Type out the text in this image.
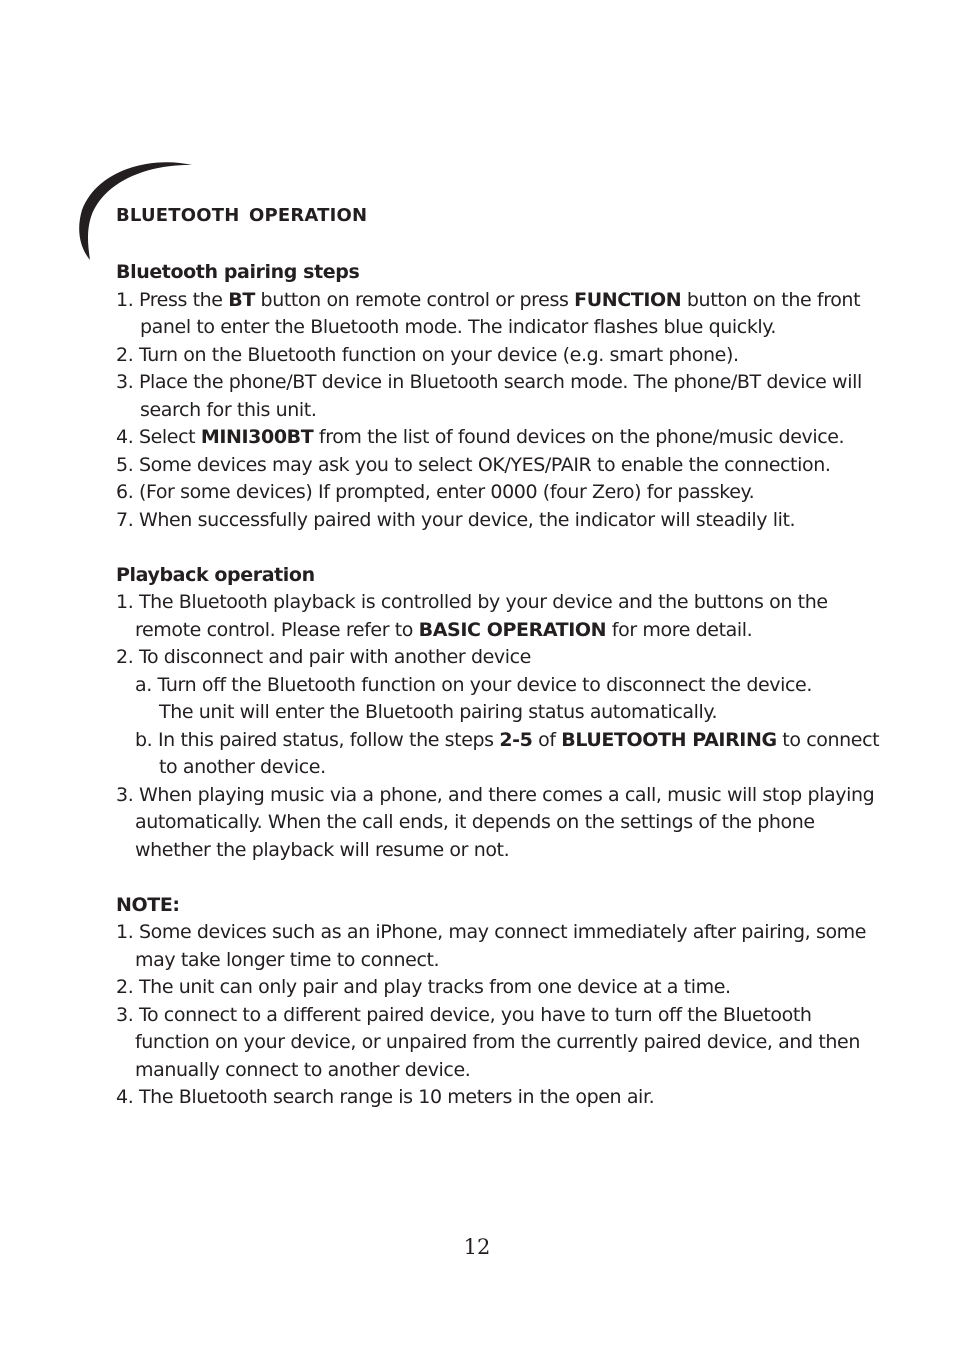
BLUETOOTH OPERATION

Bluetooth pairing steps

1. Press the BT button on remote control or press FUNCTION button on the front
panel to enter the Bluetooth mode. The indicator flashes blue quickly.

2. Turn on the Bluetooth function on your device (e.g. smart phone).

3. Place the phone/BT device in Bluetooth search mode. The phone/BT device will
search for this unit.

4. Select MINI300BT from the list of found devices on the phone/music device.

5. Some devices may ask you to select OK/YES/PAIR to enable the connection.

6. (For some devices) If prompted, enter 0000 (four Zero) for passkey.

7. When successfully paired with your device, the indicator will steadily lit.

Playback operation

1. The Bluetooth playback is controlled by your device and the buttons on the
remote control. Please refer to BASIC OPERATION for more detail.

2. To disconnect and pair with another device

a. Turn off the Bluetooth function on your device to disconnect the device.
The unit will enter the Bluetooth pairing status automatically.

b. In this paired status, follow the steps 2-5 of BLUETOOTH PAIRING to connect
to another device.

3. When playing music via a phone, and there comes a call, music will stop playing
automatically. When the call ends, it depends on the settings of the phone
whether the playback will resume or not.

NOTE:

1. Some devices such as an iPhone, may connect immediately after pairing, some
may take longer time to connect.

2. The unit can only pair and play tracks from one device at a time.

3. To connect to a different paired device, you have to turn off the Bluetooth
function on your device, or unpaired from the currently paired device, and then
manually connect to another device.

4. The Bluetooth search range is 10 meters in the open air.

12
